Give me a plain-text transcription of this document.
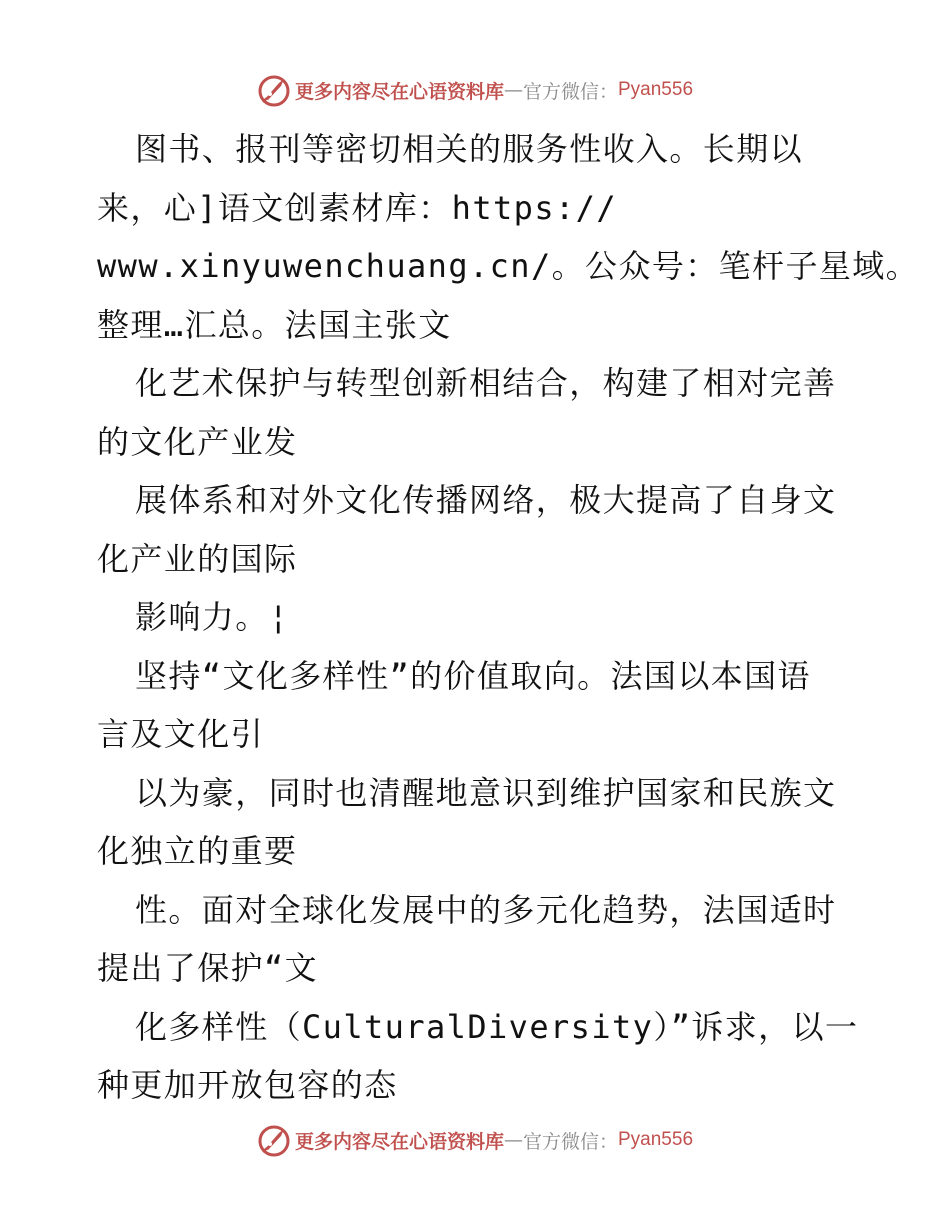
更多内容尽在心语资料库 — 官方微信： Pyan556
图书、报刊等密切相关的服务性收入。长期以
来，心]语文创素材库：https://
www.xinyuwenchuang.cn/。公众号：笔杆子星域。
整理…汇总。法国主张文
化艺术保护与转型创新相结合，构建了相对完善
的文化产业发
展体系和对外文化传播网络，极大提高了自身文
化产业的国际
影响力。¦
坚持“文化多样性”的价值取向。法国以本国语
言及文化引
以为豪，同时也清醒地意识到维护国家和民族文
化独立的重要
性。面对全球化发展中的多元化趋势，法国适时
提出了保护“文
化多样性（CulturalDiversity）”诉求，以一
种更加开放包容的态
更多内容尽在心语资料库 — 官方微信： Pyan556
